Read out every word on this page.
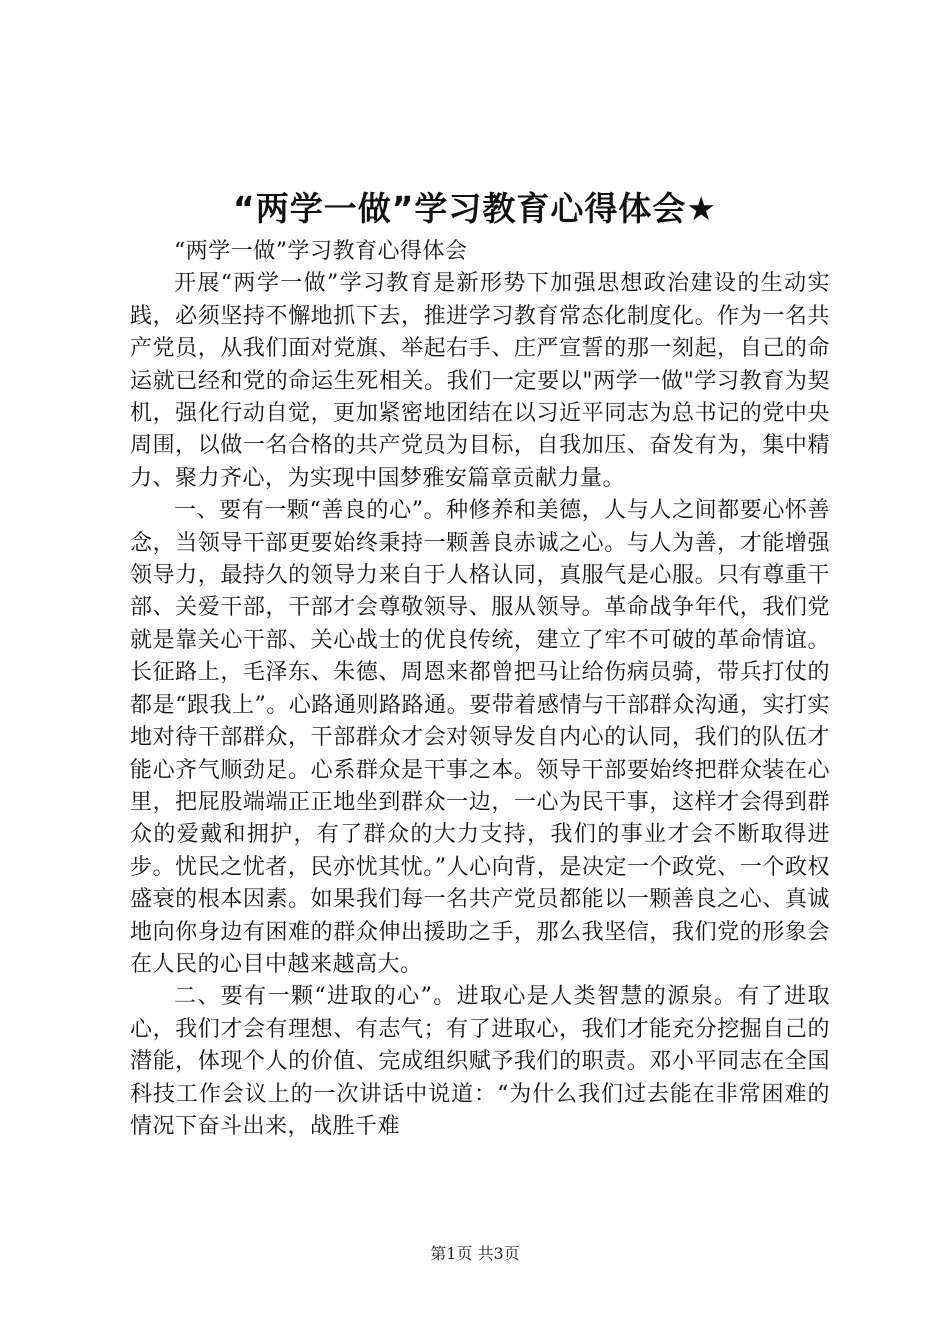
“两学一做”学习教育心得体会★

“两学一做”学习教育心得体会

开展“两学一做”学习教育是新形势下加强思想政治建设的生动实践，必须坚持不懈地抓下去，推进学习教育常态化制度化。作为一名共产党员，从我们面对党旗、举起右手、庄严宣誓的那一刻起，自己的命运就已经和党的命运生死相关。我们一定要以"两学一做"学习教育为契机，强化行动自觉，更加紧密地团结在以习近平同志为总书记的党中央周围，以做一名合格的共产党员为目标，自我加压、奋发有为，集中精力、聚力齐心，为实现中国梦雅安篇章贡献力量。

一、要有一颗“善良的心”。种修养和美德，人与人之间都要心怀善念，当领导干部更要始终秉持一颗善良赤诚之心。与人为善，才能增强领导力，最持久的领导力来自于人格认同，真服气是心服。只有尊重干部、关爱干部，干部才会尊敬领导、服从领导。革命战争年代，我们党就是靠关心干部、关心战士的优良传统，建立了牢不可破的革命情谊。长征路上，毛泽东、朱德、周恩来都曾把马让给伤病员骑，带兵打仗的都是“跟我上”。心路通则路路通。要带着感情与干部群众沟通，实打实地对待干部群众，干部群众才会对领导发自内心的认同，我们的队伍才能心齐气顺劲足。心系群众是干事之本。领导干部要始终把群众装在心里，把屁股端端正正地坐到群众一边，一心为民干事，这样才会得到群众的爱戴和拥护，有了群众的大力支持，我们的事业才会不断取得进步。忧民之忧者，民亦忧其忧。”人心向背，是决定一个政党、一个政权盛衰的根本因素。如果我们每一名共产党员都能以一颗善良之心、真诚地向你身边有困难的群众伸出援助之手，那么我坚信，我们党的形象会在人民的心目中越来越高大。

二、要有一颗“进取的心”。进取心是人类智慧的源泉。有了进取心，我们才会有理想、有志气；有了进取心，我们才能充分挖掘自己的潜能，体现个人的价值、完成组织赋予我们的职责。邓小平同志在全国科技工作会议上的一次讲话中说道：“为什么我们过去能在非常困难的情况下奋斗出来，战胜千难

第1页 共3页
